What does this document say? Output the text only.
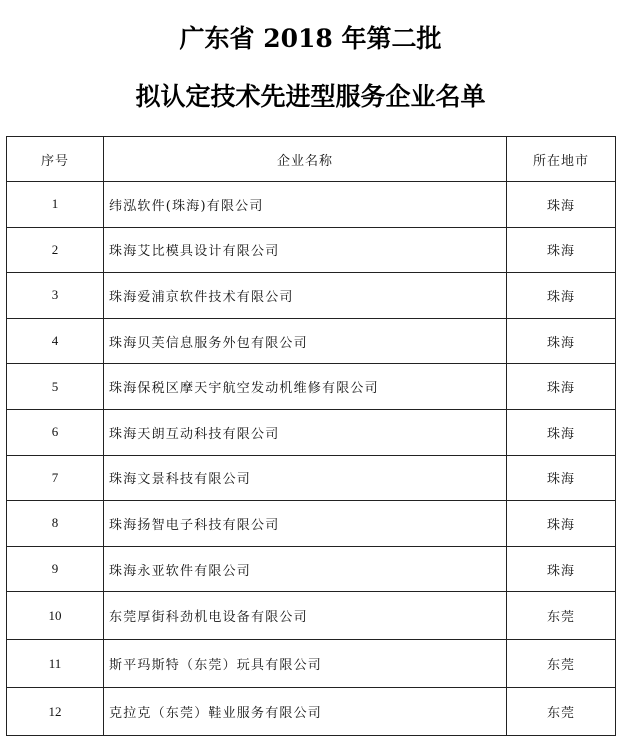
广东省 2018 年第二批
拟认定技术先进型服务企业名单
序号	企业名称	所在地市
1	纬泓软件(珠海)有限公司	珠海
2	珠海艾比模具设计有限公司	珠海
3	珠海爱浦京软件技术有限公司	珠海
4	珠海贝芙信息服务外包有限公司	珠海
5	珠海保税区摩天宇航空发动机维修有限公司	珠海
6	珠海天朗互动科技有限公司	珠海
7	珠海文景科技有限公司	珠海
8	珠海扬智电子科技有限公司	珠海
9	珠海永亚软件有限公司	珠海
10	东莞厚街科劲机电设备有限公司	东莞
11	斯平玛斯特（东莞）玩具有限公司	东莞
12	克拉克（东莞）鞋业服务有限公司	东莞
